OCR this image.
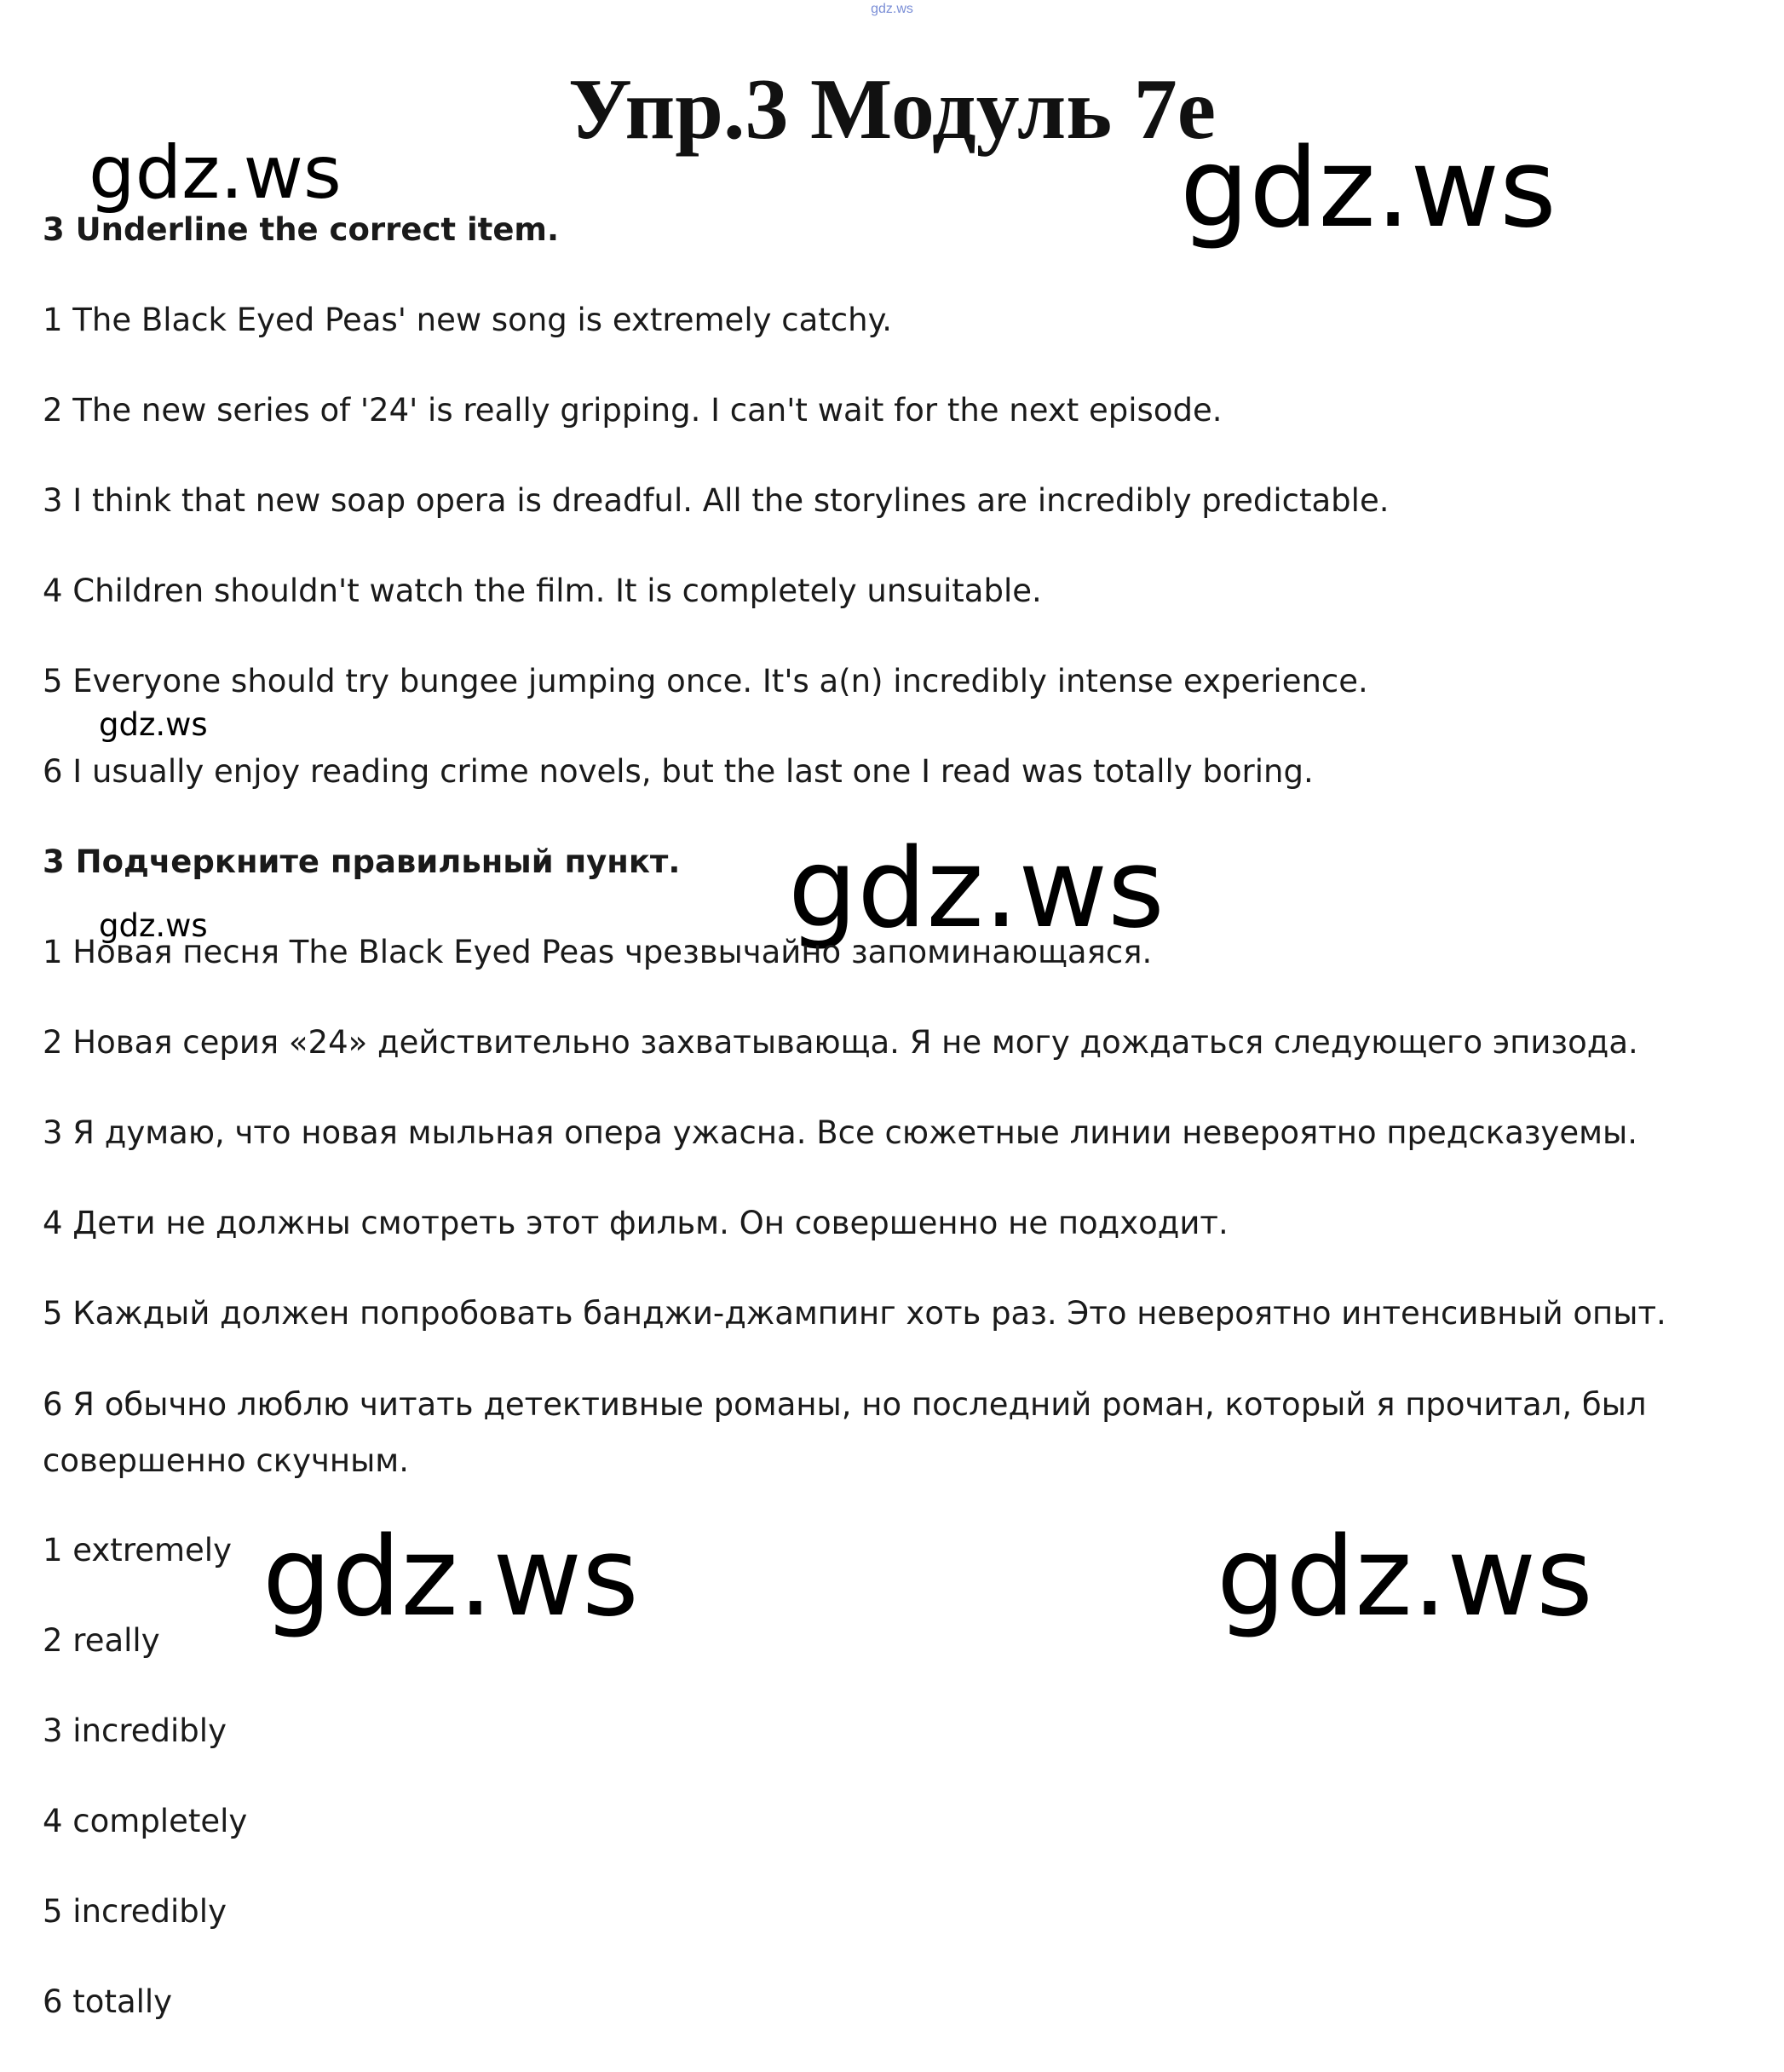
gdz.ws
Упр.3 Модуль 7е
gdz.ws	gdz.ws
gdz.ws
gdz.ws
gdz.ws
gdz.ws	gdz.ws
3 Underline the correct item.
1 The Black Eyed Peas' new song is extremely catchy.
2 The new series of '24' is really gripping. I can't wait for the next episode.
3 I think that new soap opera is dreadful. All the storylines are incredibly predictable.
4 Children shouldn't watch the film. It is completely unsuitable.
5 Everyone should try bungee jumping once. It's a(n) incredibly intense experience.
6 I usually enjoy reading crime novels, but the last one I read was totally boring.
3 Подчеркните правильный пункт.
1 Новая песня The Black Eyed Peas чрезвычайно запоминающаяся.
2 Новая серия «24» действительно захватывающа. Я не могу дождаться следующего эпизода.
3 Я думаю, что новая мыльная опера ужасна. Все сюжетные линии невероятно предсказуемы.
4 Дети не должны смотреть этот фильм. Он совершенно не подходит.
5 Каждый должен попробовать банджи-джампинг хоть раз. Это невероятно интенсивный опыт.
6 Я обычно люблю читать детективные романы, но последний роман, который я прочитал, был совершенно скучным.
1 extremely
2 really
3 incredibly
4 completely
5 incredibly
6 totally
